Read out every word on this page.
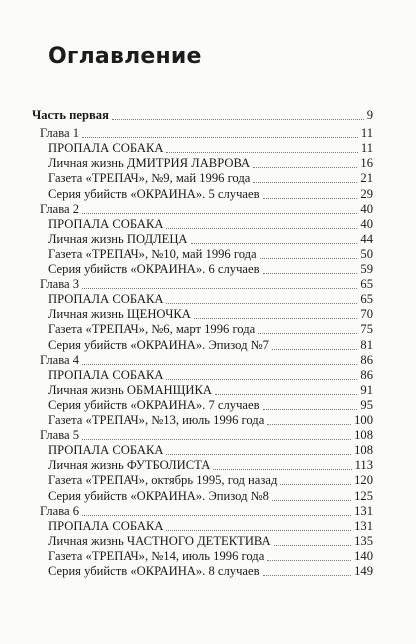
Оглавление
Часть первая	9
Глава 1	11
ПРОПАЛА СОБАКА	11
Личная жизнь ДМИТРИЯ ЛАВРОВА	16
Газета «ТРЕПАЧ», №9, май 1996 года	21
Серия убийств «ОКРАИНА». 5 случаев	29
Глава 2	40
ПРОПАЛА СОБАКА	40
Личная жизнь ПОДЛЕЦА	44
Газета «ТРЕПАЧ», №10, май 1996 года	50
Серия убийств «ОКРАИНА». 6 случаев	59
Глава 3	65
ПРОПАЛА СОБАКА	65
Личная жизнь ЩЕНОЧКА	70
Газета «ТРЕПАЧ», №6, март 1996 года	75
Серия убийств «ОКРАИНА». Эпизод №7	81
Глава 4	86
ПРОПАЛА СОБАКА	86
Личная жизнь ОБМАНЩИКА	91
Серия убийств «ОКРАИНА». 7 случаев	95
Газета «ТРЕПАЧ», №13, июль 1996 года	100
Глава 5	108
ПРОПАЛА СОБАКА	108
Личная жизнь ФУТБОЛИСТА	113
Газета «ТРЕПАЧ», октябрь 1995, год назад	120
Серия убийств «ОКРАИНА». Эпизод №8	125
Глава 6	131
ПРОПАЛА СОБАКА	131
Личная жизнь ЧАСТНОГО ДЕТЕКТИВА	135
Газета «ТРЕПАЧ», №14, июль 1996 года	140
Серия убийств «ОКРАИНА». 8 случаев	149
